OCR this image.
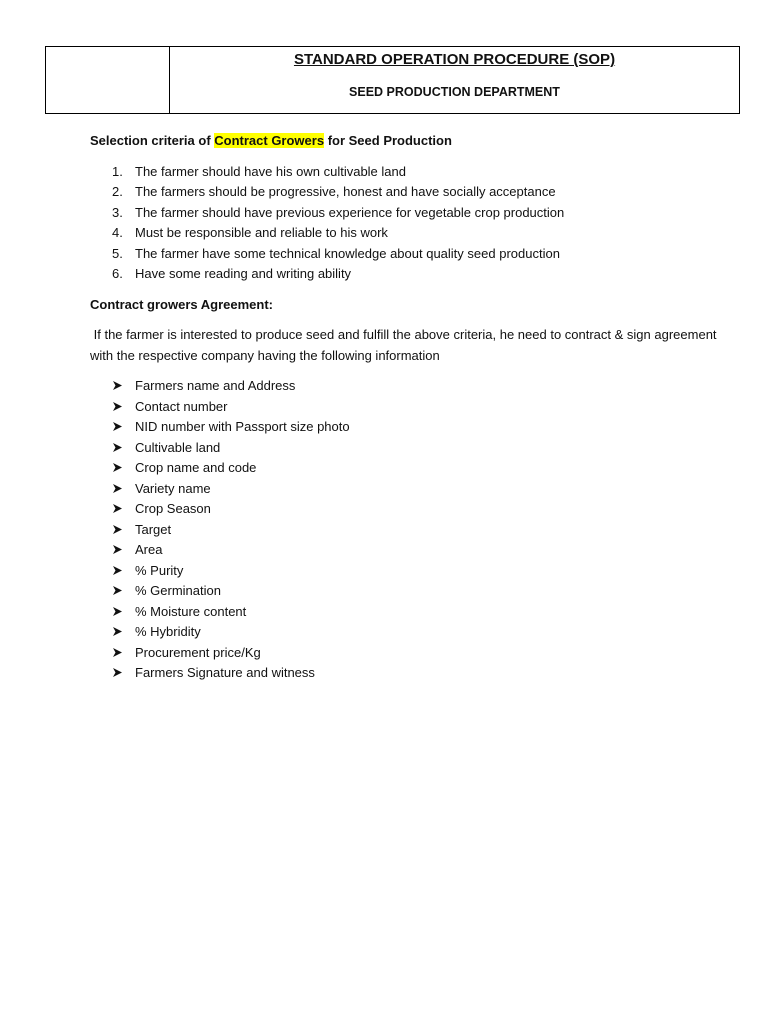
STANDARD OPERATION PROCEDURE (SOP)
SEED PRODUCTION DEPARTMENT

Selection criteria of Contract Growers for Seed Production

1. The farmer should have his own cultivable land
2. The farmers should be progressive, honest and have socially acceptance
3. The farmer should have previous experience for vegetable crop production
4. Must be responsible and reliable to his work
5. The farmer have some technical knowledge about quality seed production
6. Have some reading and writing ability

Contract growers Agreement:

If the farmer is interested to produce seed and fulfill the above criteria, he need to contract & sign agreement with the respective company having the following information

Farmers name and Address
Contact number
NID number with Passport size photo
Cultivable land
Crop name and code
Variety name
Crop Season
Target
Area
% Purity
% Germination
% Moisture content
% Hybridity
Procurement price/Kg
Farmers Signature and witness
